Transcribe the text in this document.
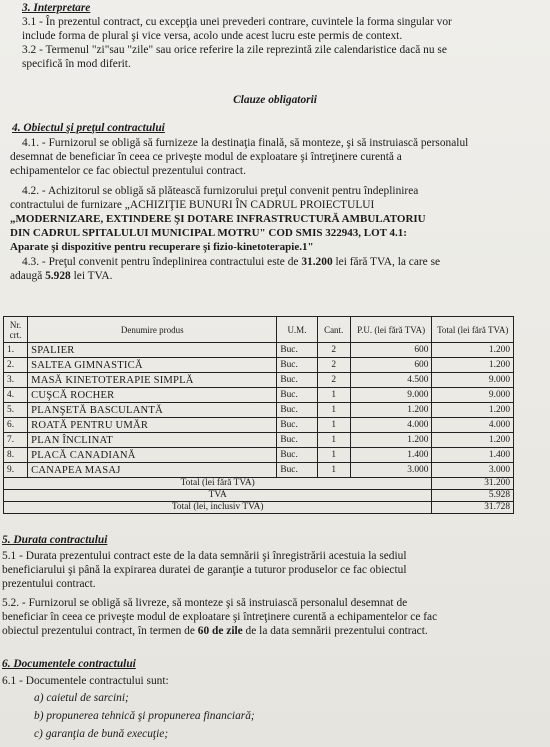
3. Interpretare
3.1 - În prezentul contract, cu excepţia unei prevederi contrare, cuvintele la forma singular vor
include forma de plural şi vice versa, acolo unde acest lucru este permis de context.
3.2 - Termenul "zi"sau "zile" sau orice referire la zile reprezintă zile calendaristice dacă nu se
specifică în mod diferit.
Clauze obligatorii
4. Obiectul şi preţul contractului
4.1. - Furnizorul se obligă să furnizeze la destinaţia finală, să monteze, şi să instruiască personalul
desemnat de beneficiar în ceea ce priveşte modul de exploatare şi întreţinere curentă a
echipamentelor ce fac obiectul prezentului contract.
4.2. - Achizitorul se obligă să plătească furnizorului preţul convenit pentru îndeplinirea
contractului de furnizare „ACHIZIŢIE BUNURI ÎN CADRUL PROIECTULUI
„MODERNIZARE, EXTINDERE ŞI DOTARE INFRASTRUCTURĂ AMBULATORIU
DIN CADRUL SPITALULUI MUNICIPAL MOTRU" COD SMIS 322943, LOT 4.1:
Aparate şi dispozitive pentru recuperare şi fizio-kinetoterapie.1"
4.3. - Preţul convenit pentru îndeplinirea contractului este de 31.200 lei fără TVA, la care se
adaugă 5.928 lei TVA.
Nr. crt.	Denumire produs	U.M.	Cant.	P.U. (lei fără TVA)	Total (lei fără TVA)
1.	SPALIER	Buc.	2	600	1.200
2.	SALTEA GIMNASTICĂ	Buc.	2	600	1.200
3.	MASĂ KINETOTERAPIE SIMPLĂ	Buc.	2	4.500	9.000
4.	CUŞCĂ ROCHER	Buc.	1	9.000	9.000
5.	PLANŞETĂ BASCULANTĂ	Buc.	1	1.200	1.200
6.	ROATĂ PENTRU UMĂR	Buc.	1	4.000	4.000
7.	PLAN ÎNCLINAT	Buc.	1	1.200	1.200
8.	PLACĂ CANADIANĂ	Buc.	1	1.400	1.400
9.	CANAPEA MASAJ	Buc.	1	3.000	3.000
Total (lei fără TVA)					31.200
TVA					5.928
Total (lei, inclusiv TVA)					31.728
5. Durata contractului
5.1 - Durata prezentului contract este de la data semnării şi înregistrării acestuia la sediul
beneficiarului şi până la expirarea duratei de garanţie a tuturor produselor ce fac obiectul
prezentului contract.
5.2. - Furnizorul se obligă să livreze, să monteze şi să instruiască personalul desemnat de
beneficiar în ceea ce priveşte modul de exploatare şi întreţinere curentă a echipamentelor ce fac
obiectul prezentului contract, în termen de 60 de zile de la data semnării prezentului contract.
6. Documentele contractului
6.1 - Documentele contractului sunt:
a) caietul de sarcini;
b) propunerea tehnică şi propunerea financiară;
c) garanţia de bună execuţie;
